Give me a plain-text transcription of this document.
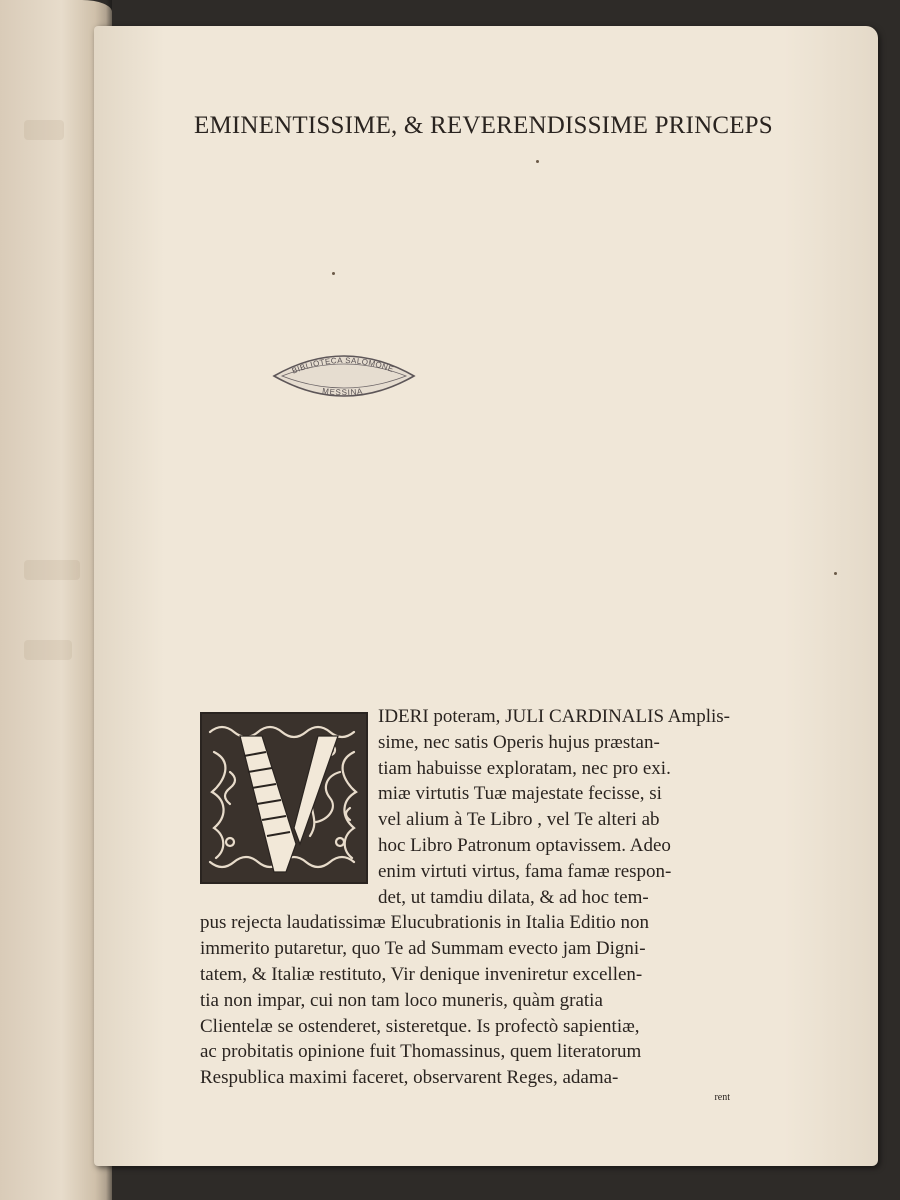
EMINENTISSIME, & REVERENDISSIME PRINCEPS
BIBLIOTECA SALOMONE
MESSINA
IDERI poteram, JULI CARDINALIS Amplis-
sime, nec satis Operis hujus præstan-
tiam habuisse exploratam, nec pro exi.
miæ virtutis Tuæ majestate fecisse, si
vel alium à Te Libro , vel Te alteri ab
hoc Libro Patronum optavissem. Adeo
enim virtuti virtus, fama famæ respon-
det, ut tamdiu dilata, & ad hoc tem-
pus rejecta laudatissimæ Elucubrationis in Italia Editio non
immerito putaretur, quo Te ad Summam evecto jam Digni-
tatem, & Italiæ restituto, Vir denique inveniretur excellen-
tia non impar, cui non tam loco muneris, quàm gratia
Clientelæ se ostenderet, sisteretque. Is profectò sapientiæ,
ac probitatis opinione fuit Thomassinus, quem literatorum
Respublica maximi faceret, observarent Reges, adama-
rent
